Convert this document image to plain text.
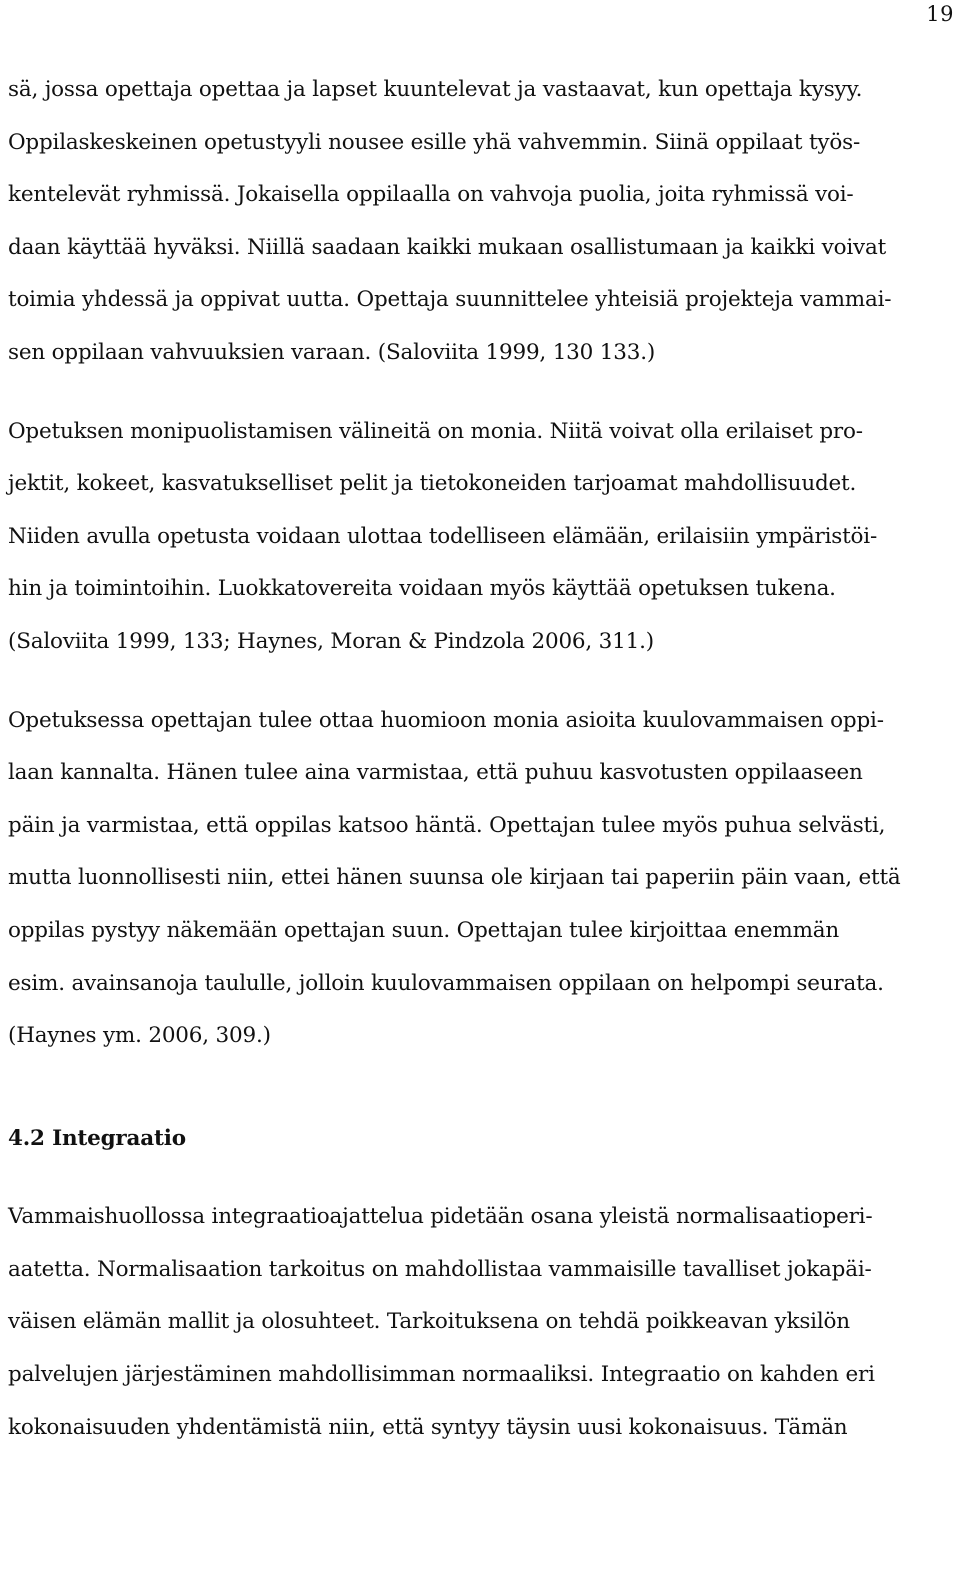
19
sä, jossa opettaja opettaa ja lapset kuuntelevat ja vastaavat, kun opettaja kysyy.
Oppilaskeskeinen opetustyyli nousee esille yhä vahvemmin. Siinä oppilaat työs-
kentelevät ryhmissä. Jokaisella oppilaalla on vahvoja puolia, joita ryhmissä voi-
daan käyttää hyväksi. Niillä saadaan kaikki mukaan osallistumaan ja kaikki voivat
toimia yhdessä ja oppivat uutta. Opettaja suunnittelee yhteisiä projekteja vammai-
sen oppilaan vahvuuksien varaan. (Saloviita 1999, 130 133.)
Opetuksen monipuolistamisen välineitä on monia. Niitä voivat olla erilaiset pro-
jektit, kokeet, kasvatukselliset pelit ja tietokoneiden tarjoamat mahdollisuudet.
Niiden avulla opetusta voidaan ulottaa todelliseen elämään, erilaisiin ympäristöi-
hin ja toimintoihin. Luokkatovereita voidaan myös käyttää opetuksen tukena.
(Saloviita 1999, 133; Haynes, Moran & Pindzola 2006, 311.)
Opetuksessa opettajan tulee ottaa huomioon monia asioita kuulovammaisen oppi-
laan kannalta. Hänen tulee aina varmistaa, että puhuu kasvotusten oppilaaseen
päin ja varmistaa, että oppilas katsoo häntä. Opettajan tulee myös puhua selvästi,
mutta luonnollisesti niin, ettei hänen suunsa ole kirjaan tai paperiin päin vaan, että
oppilas pystyy näkemään opettajan suun. Opettajan tulee kirjoittaa enemmän
esim. avainsanoja taululle, jolloin kuulovammaisen oppilaan on helpompi seurata.
(Haynes ym. 2006, 309.)
4.2 Integraatio
Vammaishuollossa integraatioajattelua pidetään osana yleistä normalisaatioperi-
aatetta. Normalisaation tarkoitus on mahdollistaa vammaisille tavalliset jokapäi-
väisen elämän mallit ja olosuhteet. Tarkoituksena on tehdä poikkeavan yksilön
palvelujen järjestäminen mahdollisimman normaaliksi. Integraatio on kahden eri
kokonaisuuden yhdentämistä niin, että syntyy täysin uusi kokonaisuus. Tämän
